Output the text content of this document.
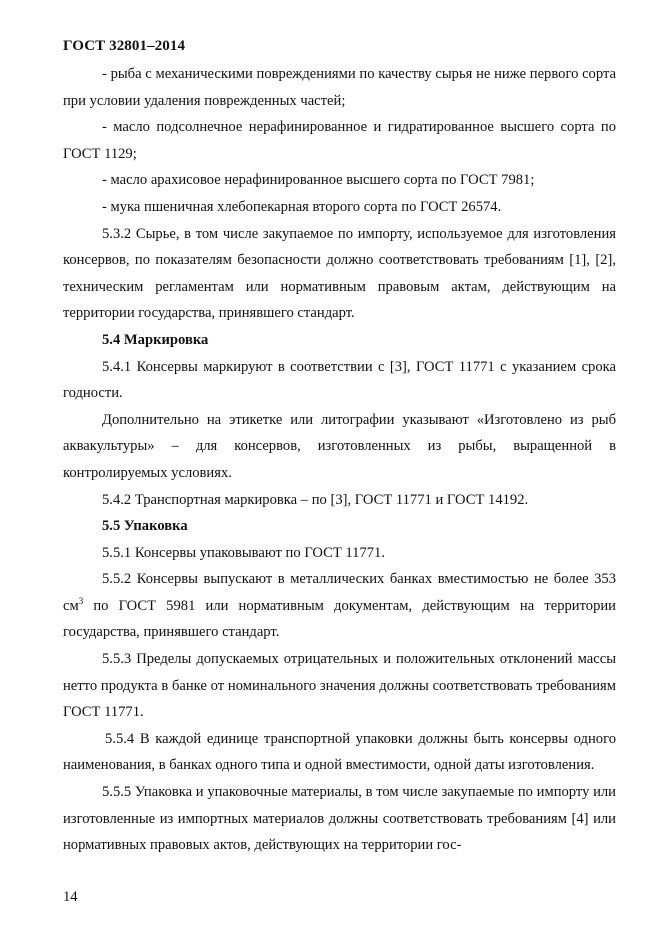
ГОСТ 32801–2014

- рыба с механическими повреждениями по качеству сырья не ниже первого сорта при условии удаления поврежденных частей;

- масло подсолнечное нерафинированное и гидратированное высшего сорта по ГОСТ 1129;

- масло арахисовое нерафинированное высшего сорта по ГОСТ 7981;

- мука пшеничная хлебопекарная второго сорта по ГОСТ 26574.

5.3.2 Сырье, в том числе закупаемое по импорту, используемое для изготовления консервов, по показателям безопасности должно соответствовать требованиям [1], [2], техническим регламентам или нормативным правовым актам, действующим на территории государства, принявшего стандарт.

5.4 Маркировка

5.4.1 Консервы маркируют в соответствии с [3], ГОСТ 11771 с указанием срока годности.

Дополнительно на этикетке или литографии указывают «Изготовлено из рыб аквакультуры» – для консервов, изготовленных из рыбы, выращенной в контролируемых условиях.

5.4.2 Транспортная маркировка – по [3], ГОСТ 11771 и ГОСТ 14192.

5.5 Упаковка

5.5.1 Консервы упаковывают по ГОСТ 11771.

5.5.2 Консервы выпускают в металлических банках вместимостью не более 353 $см^3$ по ГОСТ 5981 или нормативным документам, действующим на территории государства, принявшего стандарт.

5.5.3 Пределы допускаемых отрицательных и положительных отклонений массы нетто продукта в банке от номинального значения должны соответствовать требованиям ГОСТ 11771.

5.5.4 В каждой единице транспортной упаковки должны быть консервы одного наименования, в банках одного типа и одной вместимости, одной даты изготовления.

5.5.5 Упаковка и упаковочные материалы, в том числе закупаемые по импорту или изготовленные из импортных материалов должны соответствовать требованиям [4] или нормативных правовых актов, действующих на территории гос-

14
